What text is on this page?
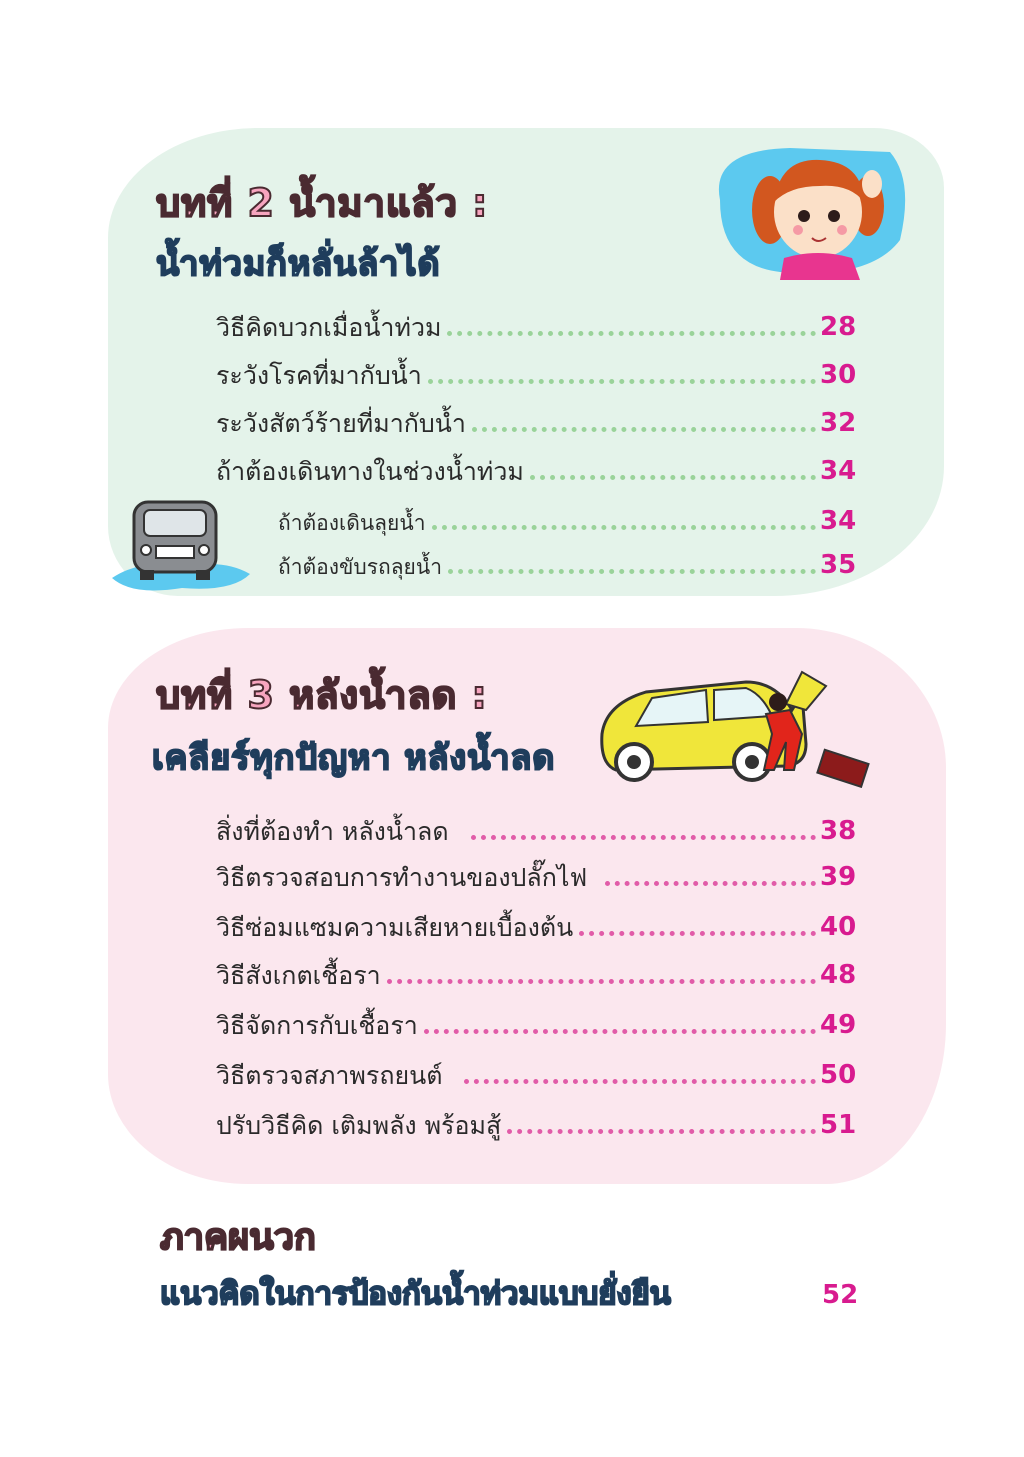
บทที่ 2 น้ำมาแล้ว :
น้ำท่วมก็หลั่นล้าได้
วิธีคิดบวกเมื่อน้ำท่วม	28
ระวังโรคที่มากับน้ำ	30
ระวังสัตว์ร้ายที่มากับน้ำ	32
ถ้าต้องเดินทางในช่วงน้ำท่วม	34
ถ้าต้องเดินลุยน้ำ	34
ถ้าต้องขับรถลุยน้ำ	35
บทที่ 3 หลังน้ำลด :
เคลียร์ทุกปัญหา หลังน้ำลด
สิ่งที่ต้องทำ หลังน้ำลด	38
วิธีตรวจสอบการทำงานของปลั๊กไฟ	39
วิธีซ่อมแซมความเสียหายเบื้องต้น	40
วิธีสังเกตเชื้อรา	48
วิธีจัดการกับเชื้อรา	49
วิธีตรวจสภาพรถยนต์	50
ปรับวิธีคิด เติมพลัง พร้อมสู้	51
ภาคผนวก
แนวคิดในการป้องกันน้ำท่วมแบบยั่งยืน	52
